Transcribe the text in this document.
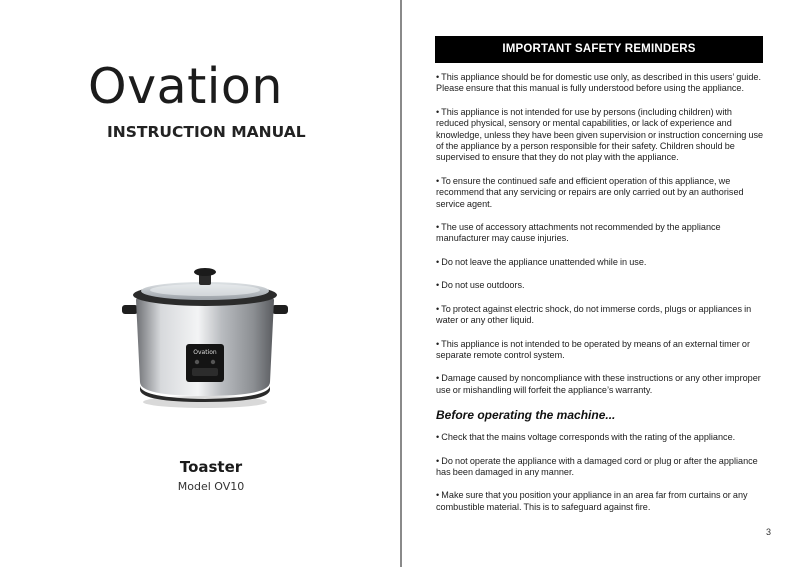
Ovation
INSTRUCTION MANUAL
Ovation
Toaster
Model OV10
IMPORTANT SAFETY REMINDERS

• This appliance should be for domestic use only, as described in this users’ guide. Please ensure that this manual is fully understood before using the appliance.

• This appliance is not intended for use by persons (including children) with reduced physical, sensory or mental capabilities, or lack of experience and knowledge, unless they have been given supervision or instruction concerning use of the appliance by a person responsible for their safety. Children should be supervised to ensure that they do not play with the appliance.

• To ensure the continued safe and efficient operation of this appliance, we recommend that any servicing or repairs are only carried out by an authorised service agent.

• The use of accessory attachments not recommended by the appliance manufacturer may cause injuries.

• Do not leave the appliance unattended while in use.

• Do not use outdoors.

• To protect against electric shock, do not immerse cords, plugs or appliances in water or any other liquid.

• This appliance is not intended to be operated by means of an external timer or separate remote control system.

• Damage caused by noncompliance with these instructions or any other improper use or mishandling will forfeit the appliance’s warranty.

Before operating the machine...

• Check that the mains voltage corresponds with the rating of the appliance.

• Do not operate the appliance with a damaged cord or plug or after the appliance has been damaged in any manner.

• Make sure that you position your appliance in an area far from curtains or any combustible material. This is to safeguard against fire.

3
